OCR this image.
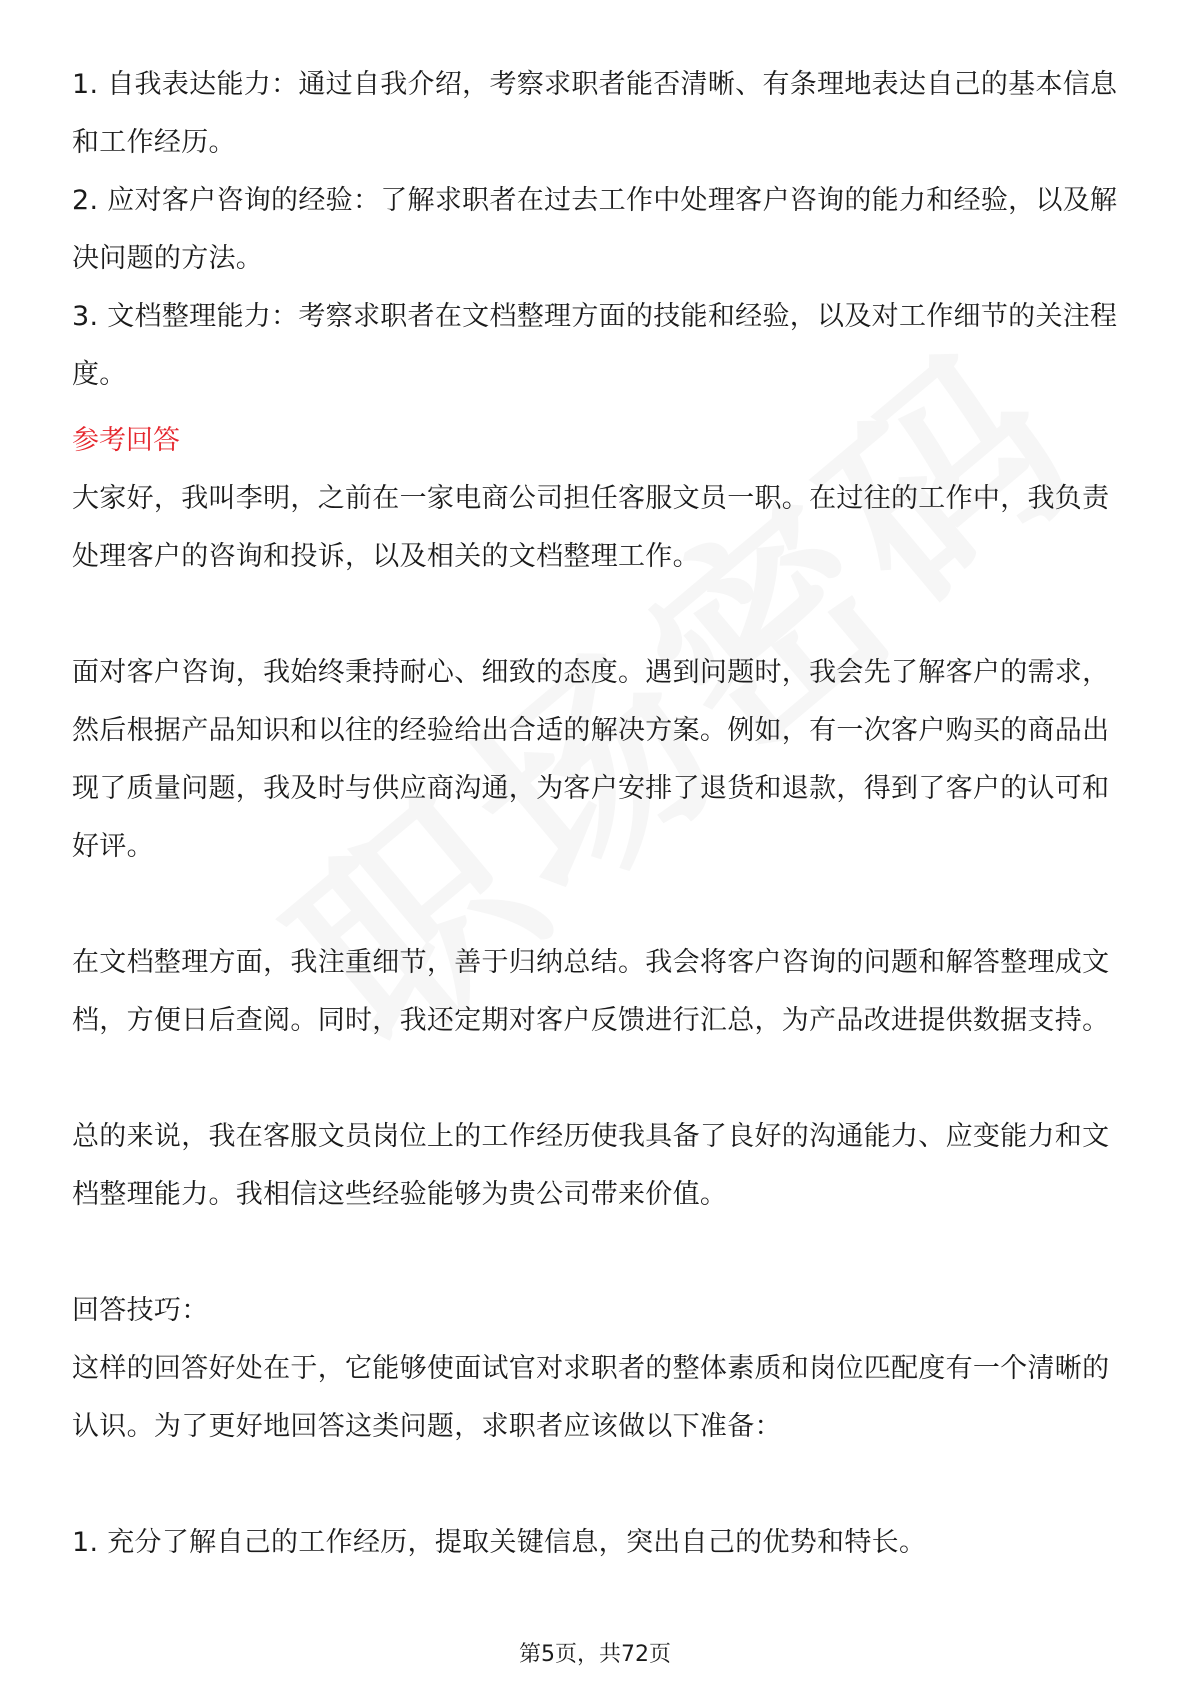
1. 自我表达能力：通过自我介绍，考察求职者能否清晰、有条理地表达自己的基本信息和工作经历。

2. 应对客户咨询的经验：了解求职者在过去工作中处理客户咨询的能力和经验，以及解决问题的方法。

3. 文档整理能力：考察求职者在文档整理方面的技能和经验，以及对工作细节的关注程度。

参考回答

大家好，我叫李明，之前在一家电商公司担任客服文员一职。在过往的工作中，我负责处理客户的咨询和投诉，以及相关的文档整理工作。

面对客户咨询，我始终秉持耐心、细致的态度。遇到问题时，我会先了解客户的需求，然后根据产品知识和以往的经验给出合适的解决方案。例如，有一次客户购买的商品出现了质量问题，我及时与供应商沟通，为客户安排了退货和退款，得到了客户的认可和好评。

在文档整理方面，我注重细节，善于归纳总结。我会将客户咨询的问题和解答整理成文档，方便日后查阅。同时，我还定期对客户反馈进行汇总，为产品改进提供数据支持。

总的来说，我在客服文员岗位上的工作经历使我具备了良好的沟通能力、应变能力和文档整理能力。我相信这些经验能够为贵公司带来价值。

回答技巧：

这样的回答好处在于，它能够使面试官对求职者的整体素质和岗位匹配度有一个清晰的认识。为了更好地回答这类问题，求职者应该做以下准备：

1. 充分了解自己的工作经历，提取关键信息，突出自己的优势和特长。

第5页，共72页
